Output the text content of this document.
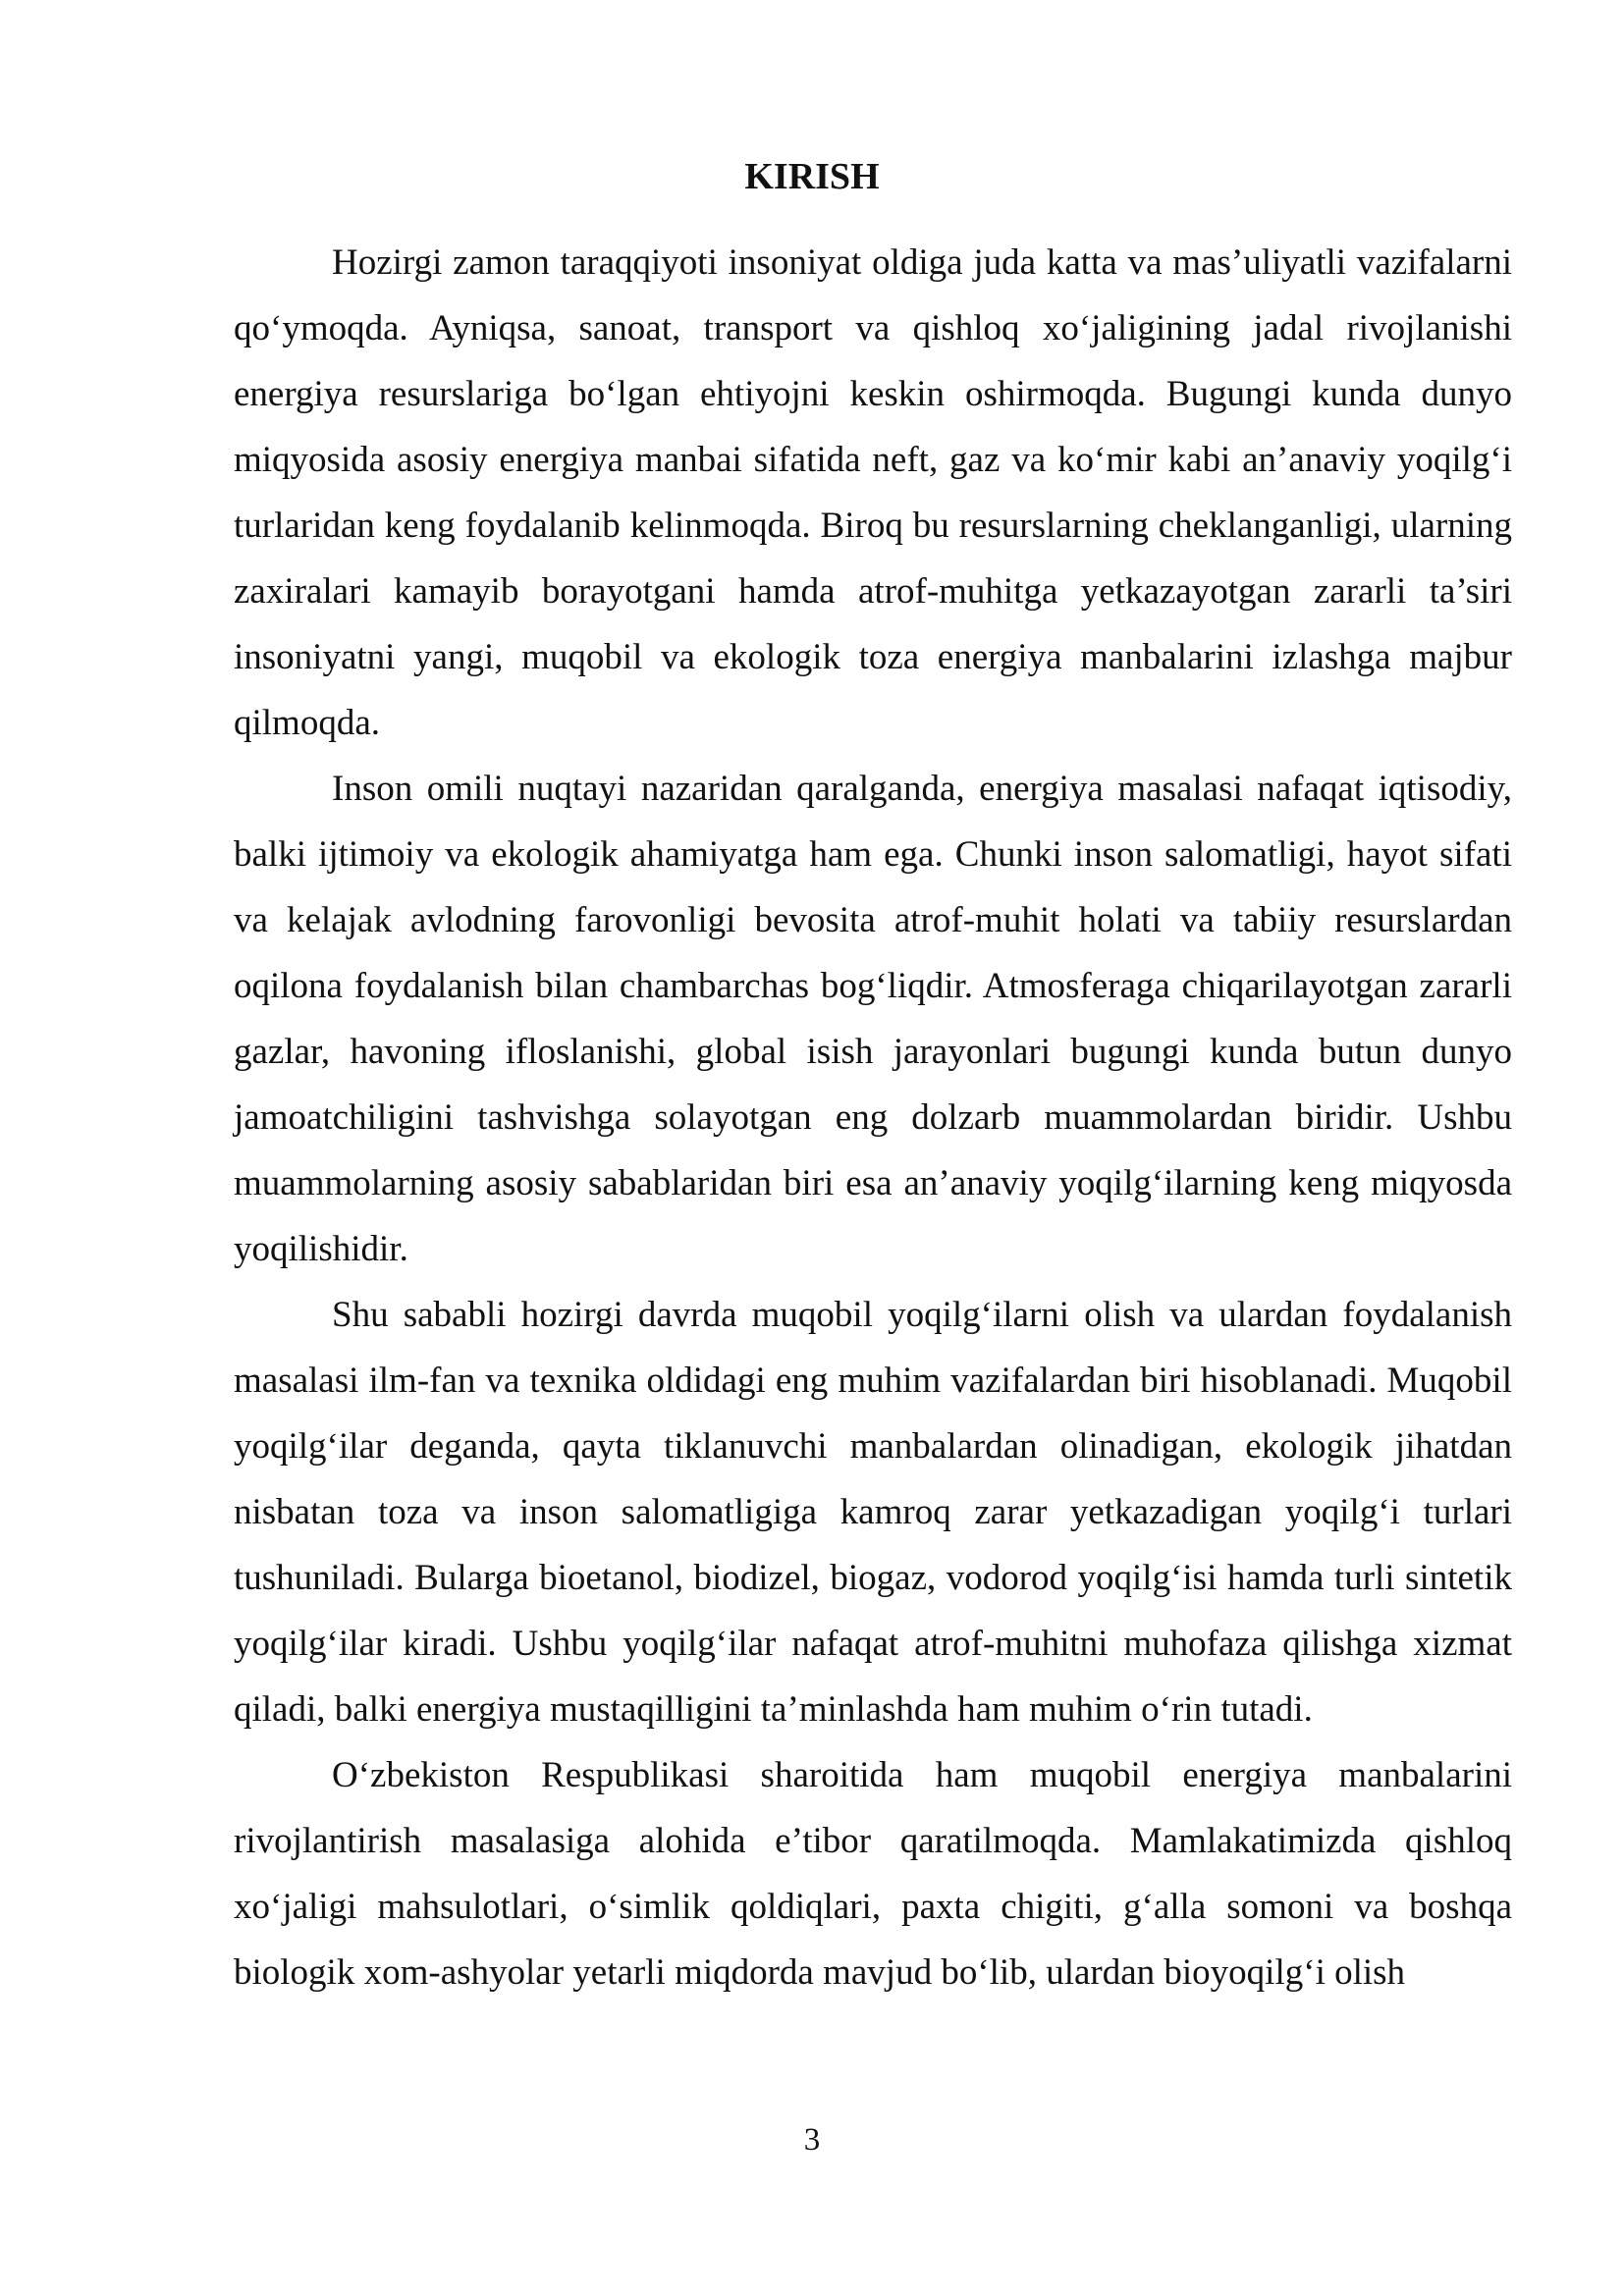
KIRISH

Hozirgi zamon taraqqiyoti insoniyat oldiga juda katta va mas’uliyatli vazifalarni qo‘ymoqda. Ayniqsa, sanoat, transport va qishloq xo‘jaligining jadal rivojlanishi energiya resurslariga bo‘lgan ehtiyojni keskin oshirmoqda. Bugungi kunda dunyo miqyosida asosiy energiya manbai sifatida neft, gaz va ko‘mir kabi an’anaviy yoqilg‘i turlaridan keng foydalanib kelinmoqda. Biroq bu resurslarning cheklanganligi, ularning zaxiralari kamayib borayotgani hamda atrof-muhitga yetkazayotgan zararli ta’siri insoniyatni yangi, muqobil va ekologik toza energiya manbalarini izlashga majbur qilmoqda.

Inson omili nuqtayi nazaridan qaralganda, energiya masalasi nafaqat iqtisodiy, balki ijtimoiy va ekologik ahamiyatga ham ega. Chunki inson salomatligi, hayot sifati va kelajak avlodning farovonligi bevosita atrof-muhit holati va tabiiy resurslardan oqilona foydalanish bilan chambarchas bog‘liqdir. Atmosferaga chiqarilayotgan zararli gazlar, havoning ifloslanishi, global isish jarayonlari bugungi kunda butun dunyo jamoatchiligini tashvishga solayotgan eng dolzarb muammolardan biridir. Ushbu muammolarning asosiy sabablaridan biri esa an’anaviy yoqilg‘ilarning keng miqyosda yoqilishidir.

Shu sababli hozirgi davrda muqobil yoqilg‘ilarni olish va ulardan foydalanish masalasi ilm-fan va texnika oldidagi eng muhim vazifalardan biri hisoblanadi. Muqobil yoqilg‘ilar deganda, qayta tiklanuvchi manbalardan olinadigan, ekologik jihatdan nisbatan toza va inson salomatligiga kamroq zarar yetkazadigan yoqilg‘i turlari tushuniladi. Bularga bioetanol, biodizel, biogaz, vodorod yoqilg‘isi hamda turli sintetik yoqilg‘ilar kiradi. Ushbu yoqilg‘ilar nafaqat atrof-muhitni muhofaza qilishga xizmat qiladi, balki energiya mustaqilligini ta’minlashda ham muhim o‘rin tutadi.

O‘zbekiston Respublikasi sharoitida ham muqobil energiya manbalarini rivojlantirish masalasiga alohida e’tibor qaratilmoqda. Mamlakatimizda qishloq xo‘jaligi mahsulotlari, o‘simlik qoldiqlari, paxta chigiti, g‘alla somoni va boshqa biologik xom-ashyolar yetarli miqdorda mavjud bo‘lib, ulardan bioyoqilg‘i olish

3
